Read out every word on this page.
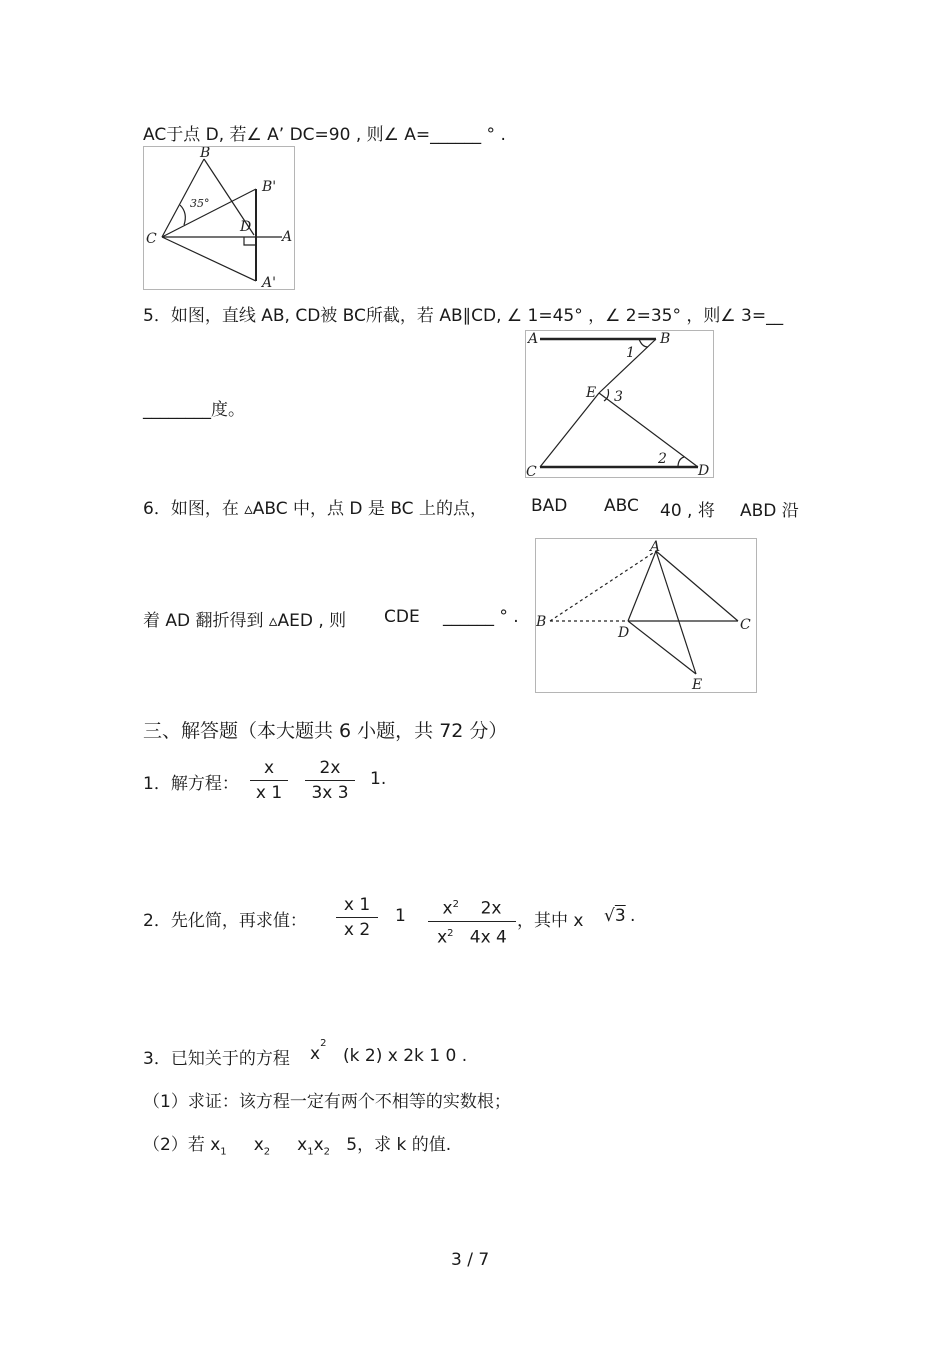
AC于点 D, 若∠ A’ DC=90 , 则∠ A=______ ° .
B
B'
C
D
A
A'
35°
5．如图，直线 AB, CD被 BC所截，若 AB∥CD, ∠ 1=45° ，∠ 2=35° ，则∠ 3=__
________度。
A	B
1
E 3
C
2
D
6．如图，在 ▵ABC 中，点 D 是 BC 上的点，	BAD ABC 40 , 将 ABD 沿
着 AD 翻折得到 ▵AED , 则 CDE ______ ° .
A
B
D	C
E
三、解答题（本大题共 6 小题，共 72 分）
1．解方程：
x
x 1
2x
3x 3
1.
2．先化简，再求值：
x 1
x 2
1	$x^2$ 2x
$x^2$ 4x 4
，其中 x √3 .
3．已知关于的方程 $x^2$
(k 2) x 2k 1 0 .
（1）求证：该方程一定有两个不相等的实数根；
（2）若 $x_1$ $x_2$ $x_1x_2$ 5，求 k 的值.
3 / 7
